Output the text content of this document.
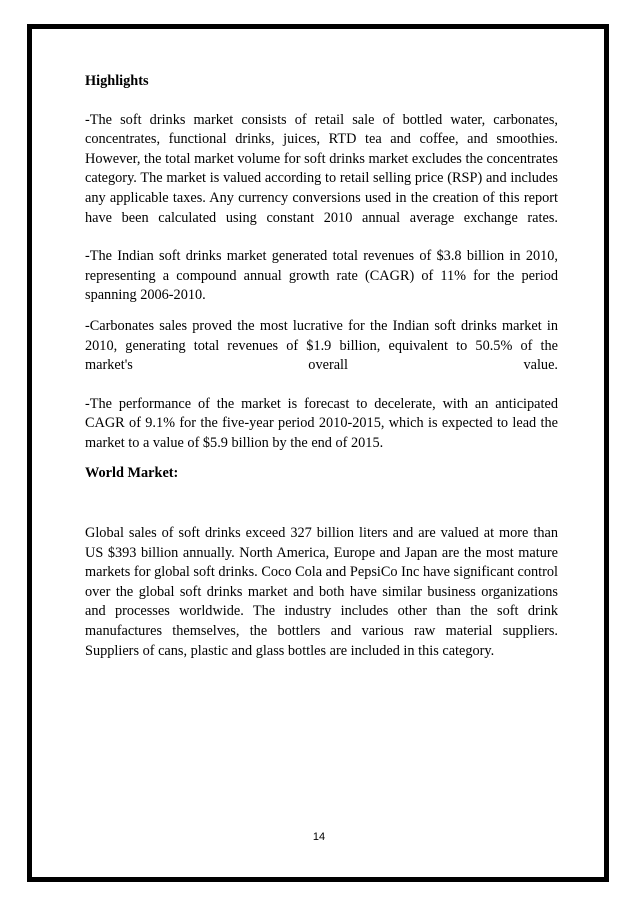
Highlights

-The soft drinks market consists of retail sale of bottled water, carbonates, concentrates, functional drinks, juices, RTD tea and coffee, and smoothies. However, the total market volume for soft drinks market excludes the concentrates category. The market is valued according to retail selling price (RSP) and includes any applicable taxes. Any currency conversions used in the creation of this report have been calculated using constant 2010 annual average exchange rates.

-The Indian soft drinks market generated total revenues of $3.8 billion in 2010, representing a compound annual growth rate (CAGR) of 11% for the period spanning 2006-2010.

-Carbonates sales proved the most lucrative for the Indian soft drinks market in 2010, generating total revenues of $1.9 billion, equivalent to 50.5% of the market's overall value.

-The performance of the market is forecast to decelerate, with an anticipated CAGR of 9.1% for the five-year period 2010-2015, which is expected to lead the market to a value of $5.9 billion by the end of 2015.

World Market:

Global sales of soft drinks exceed 327 billion liters and are valued at more than US $393 billion annually. North America, Europe and Japan are the most mature markets for global soft drinks. Coco Cola and PepsiCo Inc have significant control over the global soft drinks market and both have similar business organizations and processes worldwide. The industry includes other than the soft drink manufactures themselves, the bottlers and various raw material suppliers. Suppliers of cans, plastic and glass bottles are included in this category.

14
